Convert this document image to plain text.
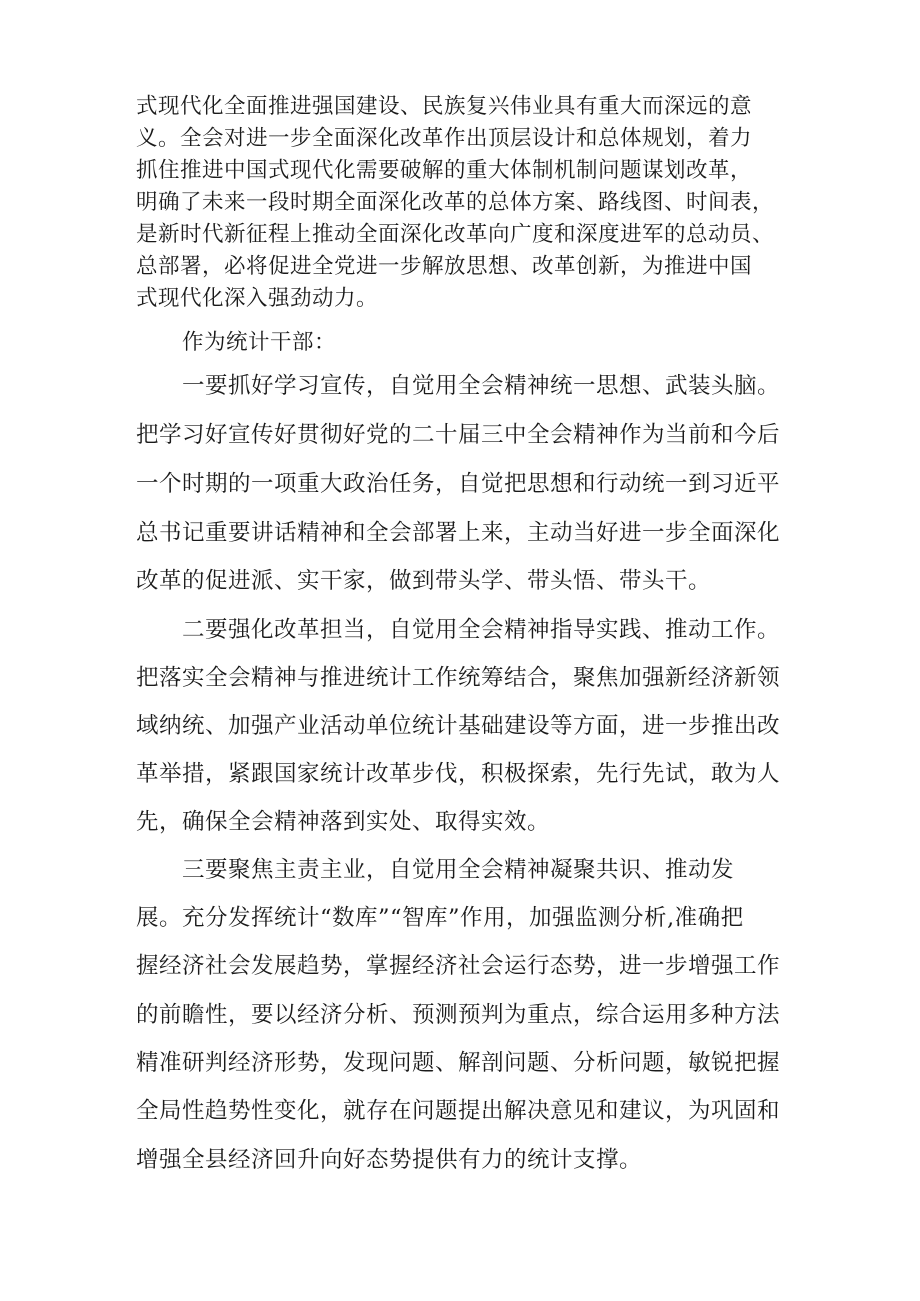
式现代化全面推进强国建设、民族复兴伟业具有重大而深远的意
义。全会对进一步全面深化改革作出顶层设计和总体规划，着力
抓住推进中国式现代化需要破解的重大体制机制问题谋划改革，
明确了未来一段时期全面深化改革的总体方案、路线图、时间表，
是新时代新征程上推动全面深化改革向广度和深度进军的总动员、
总部署，必将促进全党进一步解放思想、改革创新，为推进中国
式现代化深入强劲动力。
作为统计干部：
一要抓好学习宣传，自觉用全会精神统一思想、武装头脑。
把学习好宣传好贯彻好党的二十届三中全会精神作为当前和今后
一个时期的一项重大政治任务，自觉把思想和行动统一到习近平
总书记重要讲话精神和全会部署上来，主动当好进一步全面深化
改革的促进派、实干家，做到带头学、带头悟、带头干。
二要强化改革担当，自觉用全会精神指导实践、推动工作。
把落实全会精神与推进统计工作统筹结合，聚焦加强新经济新领
域纳统、加强产业活动单位统计基础建设等方面，进一步推出改
革举措，紧跟国家统计改革步伐，积极探索，先行先试，敢为人
先，确保全会精神落到实处、取得实效。
三要聚焦主责主业，自觉用全会精神凝聚共识、推动发
展。充分发挥统计“数库”“智库”作用，加强监测分析,准确把
握经济社会发展趋势，掌握经济社会运行态势，进一步增强工作
的前瞻性，要以经济分析、预测预判为重点，综合运用多种方法
精准研判经济形势，发现问题、解剖问题、分析问题，敏锐把握
全局性趋势性变化，就存在问题提出解决意见和建议，为巩固和
增强全县经济回升向好态势提供有力的统计支撑。
